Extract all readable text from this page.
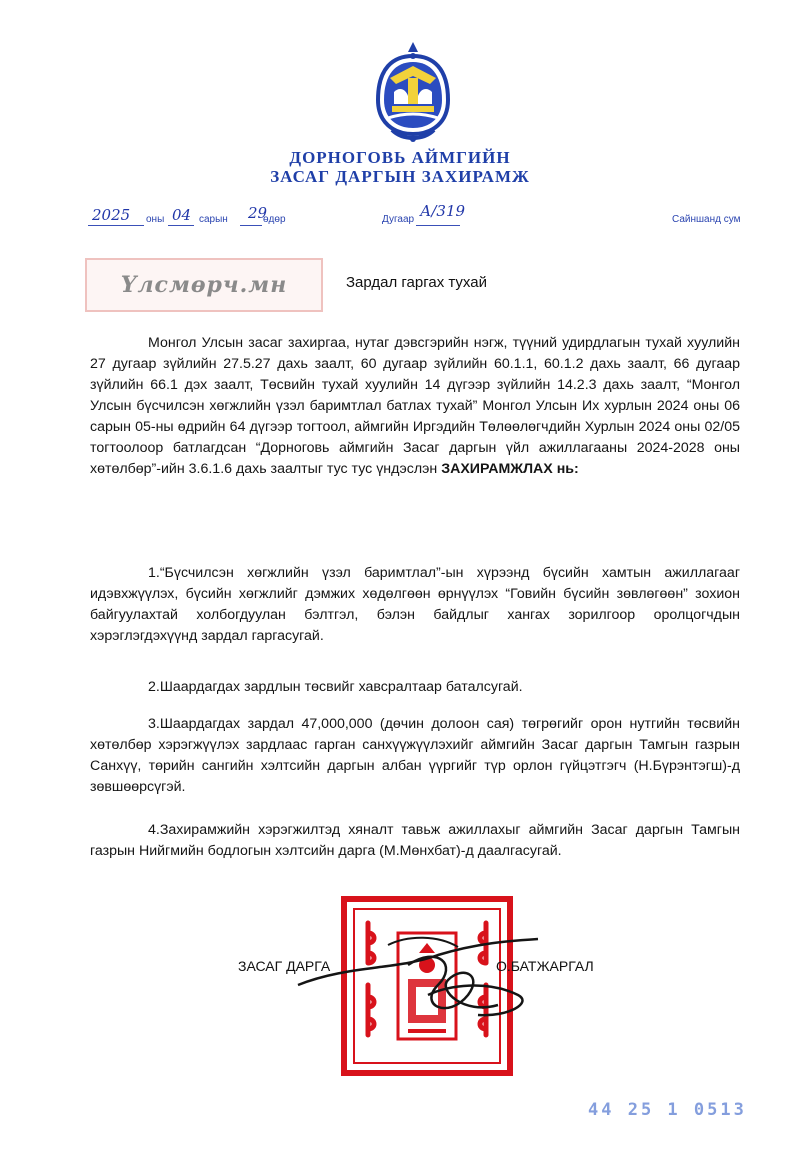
ДОРНОГОВЬ АЙМГИЙН
ЗАСАГ ДАРГЫН ЗАХИРАМЖ
2025 оны 04 сарын 29
өдөр	Дугаар А/319	Сайншанд сум
Үлсмөрч.мн	Зардал гаргах тухай
Монгол Улсын засаг захиргаа, нутаг дэвсгэрийн нэгж, түүний удирдлагын тухай хуулийн 27 дугаар зүйлийн 27.5.27 дахь заалт, 60 дугаар зүйлийн 60.1.1, 60.1.2 дахь заалт, 66 дугаар зүйлийн 66.1 дэх заалт, Төсвийн тухай хуулийн 14 дүгээр зүйлийн 14.2.3 дахь заалт, “Монгол Улсын бүсчилсэн хөгжлийн үзэл баримтлал батлах тухай” Монгол Улсын Их хурлын 2024 оны 06 сарын 05-ны өдрийн 64 дүгээр тогтоол, аймгийн Иргэдийн Төлөөлөгчдийн Хурлын 2024 оны 02/05 тогтоолоор батлагдсан “Дорноговь аймгийн Засаг даргын үйл ажиллагааны 2024-2028 оны хөтөлбөр”-ийн 3.6.1.6 дахь заалтыг тус тус үндэслэн ЗАХИРАМЖЛАХ нь:
1.“Бүсчилсэн хөгжлийн үзэл баримтлал”-ын хүрээнд бүсийн хамтын ажиллагааг идэвхжүүлэх, бүсийн хөгжлийг дэмжих хөдөлгөөн өрнүүлэх “Говийн бүсийн зөвлөгөөн” зохион байгуулахтай холбогдуулан бэлтгэл, бэлэн байдлыг хангах зорилгоор оролцогчдын хэрэглэгдэхүүнд зардал гаргасугай.
2.Шаардагдах зардлын төсвийг хавсралтаар баталсугай.
3.Шаардагдах зардал 47,000,000 (дөчин долоон сая) төгрөгийг орон нутгийн төсвийн хөтөлбөр хэрэгжүүлэх зардлаас гарган санхүүжүүлэхийг аймгийн Засаг даргын Тамгын газрын Санхүү, төрийн сангийн хэлтсийн даргын албан үүргийг түр орлон гүйцэтгэгч (Н.Бүрэнтэгш)-д зөвшөөрсүгэй.
4.Захирамжийн хэрэгжилтэд хяналт тавьж ажиллахыг аймгийн Засаг даргын Тамгын газрын Нийгмийн бодлогын хэлтсийн дарга (М.Мөнхбат)-д даалгасугай.
ЗАСАГ ДАРГА	О.БАТЖАРГАЛ
44 25 1 0513
